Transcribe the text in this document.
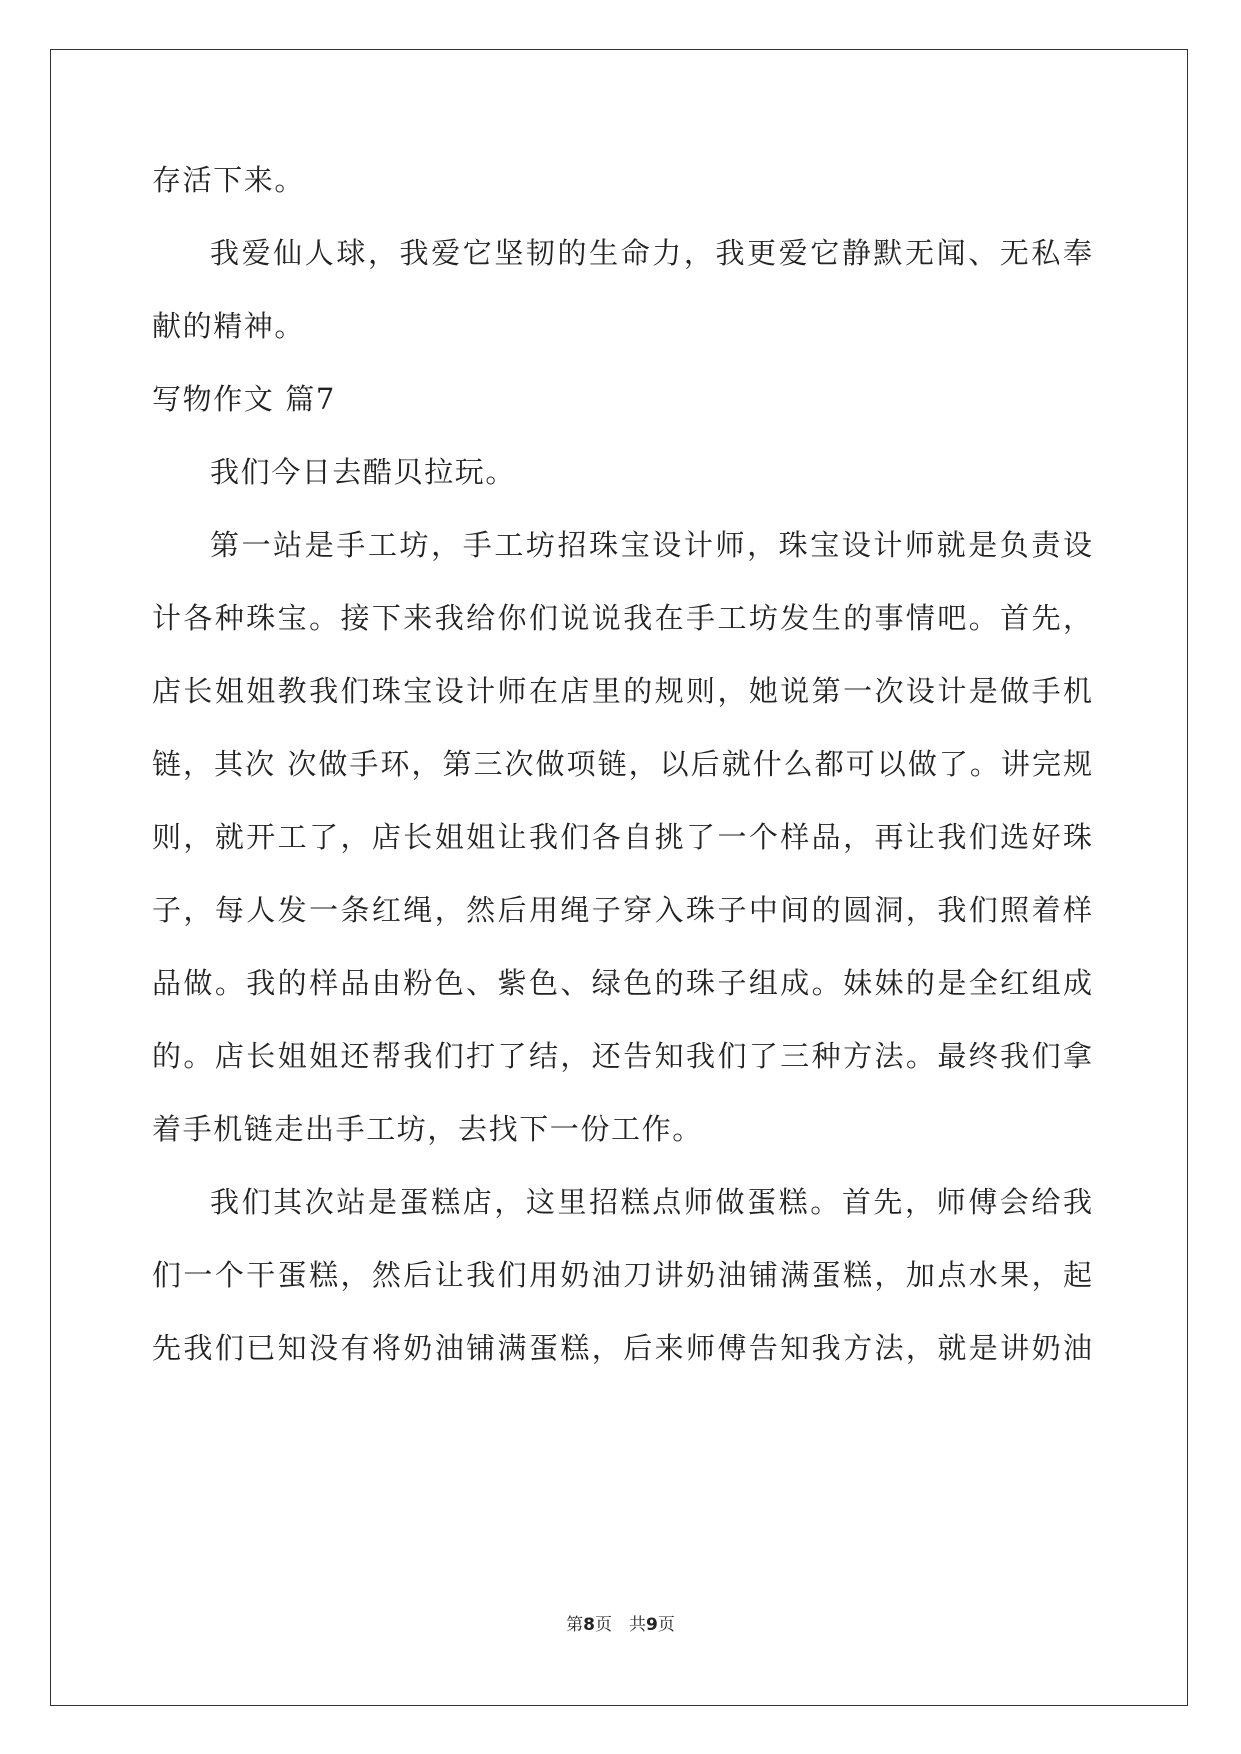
存活下来。
我爱仙人球，我爱它坚韧的生命力，我更爱它静默无闻、无私奉
献的精神。
写物作文 篇7
我们今日去酷贝拉玩。
第一站是手工坊，手工坊招珠宝设计师，珠宝设计师就是负责设
计各种珠宝。接下来我给你们说说我在手工坊发生的事情吧。首先，
店长姐姐教我们珠宝设计师在店里的规则，她说第一次设计是做手机
链，其次 次做手环，第三次做项链，以后就什么都可以做了。讲完规
则，就开工了，店长姐姐让我们各自挑了一个样品，再让我们选好珠
子，每人发一条红绳，然后用绳子穿入珠子中间的圆洞，我们照着样
品做。我的样品由粉色、紫色、绿色的珠子组成。妹妹的是全红组成
的。店长姐姐还帮我们打了结，还告知我们了三种方法。最终我们拿
着手机链走出手工坊，去找下一份工作。
我们其次站是蛋糕店，这里招糕点师做蛋糕。首先，师傅会给我
们一个干蛋糕，然后让我们用奶油刀讲奶油铺满蛋糕，加点水果，起
先我们已知没有将奶油铺满蛋糕，后来师傅告知我方法，就是讲奶油
第8页　共9页
